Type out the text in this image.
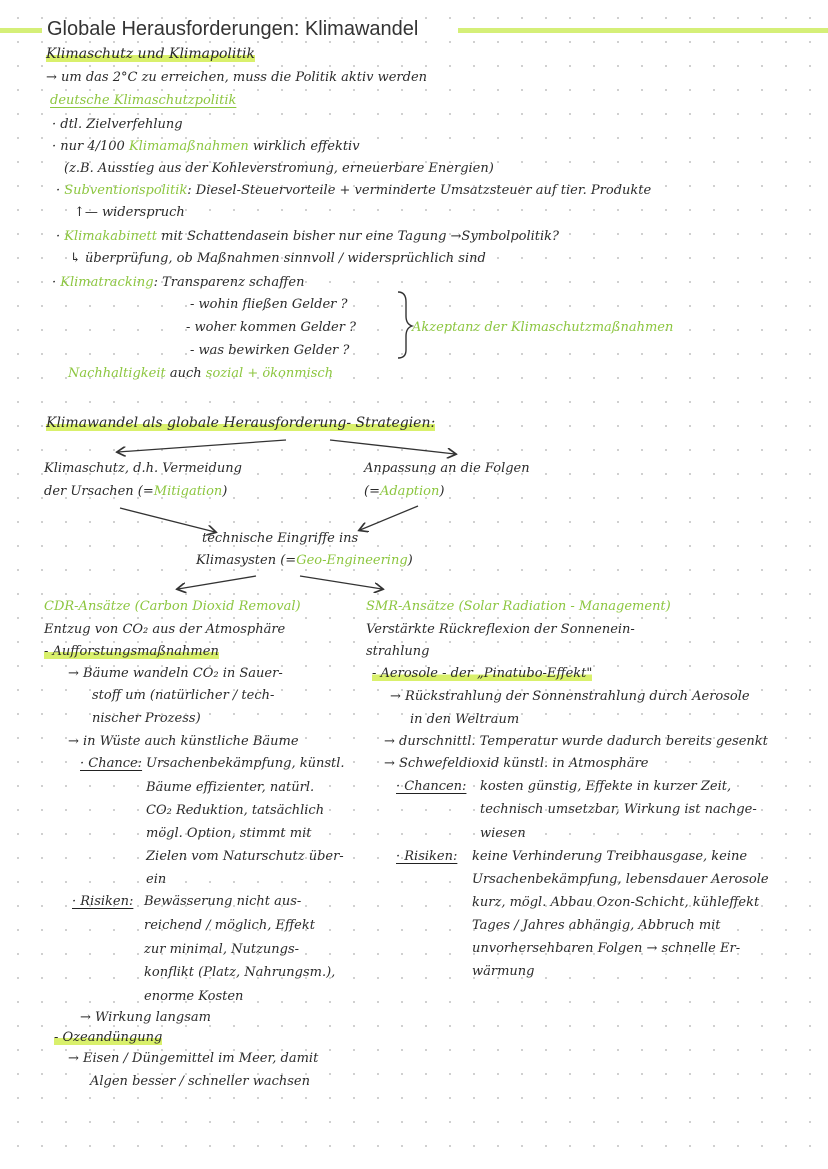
Globale Herausforderungen: Klimawandel
Klimaschutz und Klimapolitik
→ um das 2°C zu erreichen, muss die Politik aktiv werden
deutsche Klimaschutzpolitik
· dtl. Zielverfehlung
· nur 4/100 Klimamaßnahmen wirklich effektiv
(z.B. Ausstieg aus der Kohleverstromung, erneuerbare Energien)
· Subventionspolitik: Diesel-Steuervorteile + verminderte Umsatzsteuer auf tier. Produkte
↑— widerspruch
· Klimakabinett mit Schattendasein bisher nur eine Tagung →Symbolpolitik?
↳ überprüfung, ob Maßnahmen sinnvoll / widersprüchlich sind
· Klimatracking: Transparenz schaffen
- wohin fließen Gelder ?
- woher kommen Gelder ?
- was bewirken Gelder ?
Akzeptanz der Klimaschutzmaßnahmen
Nachhaltigkeit auch sozial + ökonmisch
Klimawandel als globale Herausforderung- Strategien:
Klimaschutz, d.h. Vermeidung
der Ursachen (=Mitigation)
Anpassung an die Folgen
(=Adaption)
technische Eingriffe ins
Klimasysten (=Geo-Engineering)
CDR-Ansätze (Carbon Dioxid Removal)
Entzug von CO₂ aus der Atmosphäre
- Aufforstungsmaßnahmen
→ Bäume wandeln CO₂ in Sauer-
stoff um (natürlicher / tech-
nischer Prozess)
→ in Wüste auch künstliche Bäume
· Chance: Ursachenbekämpfung, künstl.
Bäume effizienter, natürl.
CO₂ Reduktion, tatsächlich
mögl. Option, stimmt mit
Zielen vom Naturschutz über-
ein
· Risiken: Bewässerung nicht aus-
reichend / möglich, Effekt
zur minimal, Nutzungs-
konflikt (Platz, Nahrungsm.),
enorme Kosten
→ Wirkung langsam
- Ozeandüngung
→ Eisen / Düngemittel im Meer, damit
Algen besser / schneller wachsen
SMR-Ansätze (Solar Radiation - Management)
Verstärkte Rückreflexion der Sonnenein-
strahlung
- Aerosole - der „Pinatubo-Effekt"
→ Rückstrahlung der Sonnenstrahlung durch Aerosole
in den Weltraum
→ durschnittl. Temperatur wurde dadurch bereits gesenkt
→ Schwefeldioxid künstl. in Atmosphäre
· Chancen: kosten günstig, Effekte in kurzer Zeit,
technisch umsetzbar, Wirkung ist nachge-
wiesen
· Risiken: keine Verhinderung Treibhausgase, keine
Ursachenbekämpfung, lebensdauer Aerosole
kurz, mögl. Abbau Ozon-Schicht, kühleffekt
Tages / Jahres abhängig, Abbruch mit
unvorhersehbaren Folgen → schnelle Er-
wärmung
